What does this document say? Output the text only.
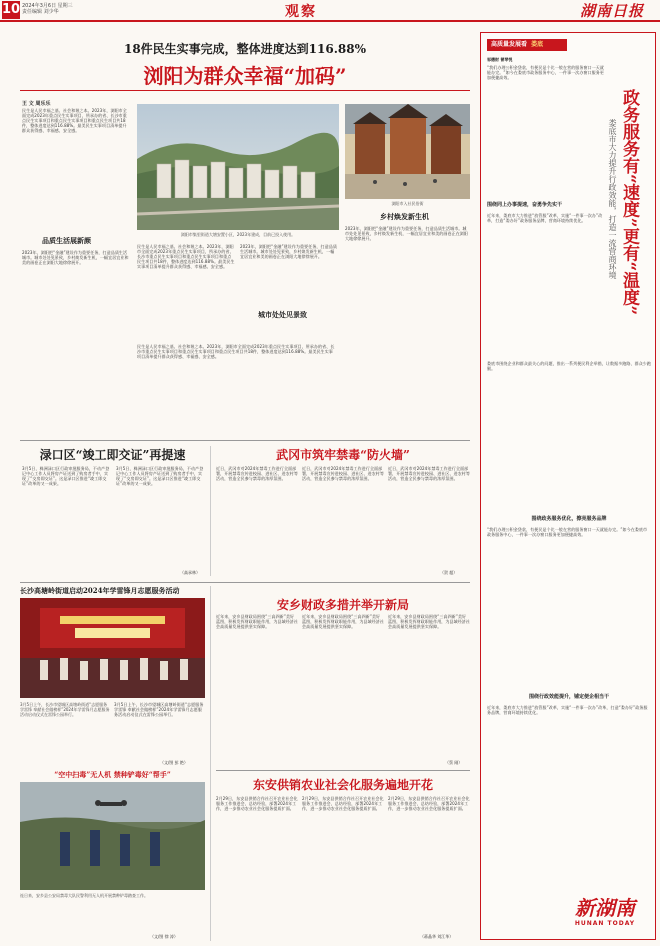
10 2024年3月6日 星期三
责任编辑 刘少华	观察	湖南日报
18件民生实事完成，整体进度达到116.88%
浏阳为群众幸福“加码”
王 文 周乐乐
民生是人民幸福之基、社会和谐之本。2023年，浏阳市全面完成2023年重点民生实事项目，所承办的省、长沙市重点民生实事项目和重点民生实事项目和重点民生项目共18件，整体进度达到116.88%。最美民生实事项目清单提升群众获得感、幸福感、安全感。
品质生活展新颜
2023年，浏阳把“金融”建设作为重要任务，打造品质生活城市。城市处处见景致，乡村焕发新生机，一幅宜居宜业和美的画卷正在浏阳大地徐徐展开。
浏阳市集里街道大塘安置小区，2023年建成，目前已投入使用。
民生是人民幸福之基、社会和谐之本。2023年，浏阳市全面完成2023年重点民生实事项目，所承办的省、长沙市重点民生实事项目和重点民生实事项目和重点民生项目共18件，整体进度达到116.88%。最美民生实事项目清单提升群众获得感、幸福感、安全感。
城市处处见景致
2023年，浏阳把“金融”建设作为重要任务，打造品质生活城市。城市处处见景致，乡村焕发新生机，一幅宜居宜业和美的画卷正在浏阳大地徐徐展开。
民生是人民幸福之基、社会和谐之本。2023年，浏阳市全面完成2023年重点民生实事项目，所承办的省、长沙市重点民生实事项目和重点民生实事项目和重点民生项目共18件，整体进度达到116.88%。最美民生实事项目清单提升群众获得感、幸福感、安全感。
浏阳市入社民俗街
乡村焕发新生机
2023年，浏阳把“金融”建设作为重要任务，打造品质生活城市。城市处处见景致，乡村焕发新生机，一幅宜居宜业和美的画卷正在浏阳大地徐徐展开。
渌口区“竣工即交证”再提速
3月5日，株洲渌口区行政审批服务局，不动产登记中心工作人员将房产证送到了购房者手中，实现了“交房即交证”。这是渌口区推进“竣工即交证”改革的又一成果。
3月5日，株洲渌口区行政审批服务局，不动产登记中心工作人员将房产证送到了购房者手中，实现了“交房即交证”。这是渌口区推进“竣工即交证”改革的又一成果。
（高承林）
武冈市筑牢禁毒“防火墙”
近日，武冈市对2024年禁毒工作进行全面部署，开展禁毒宣传进校园、进社区、进农村等活动，营造全民参与禁毒的浓厚氛围。
近日，武冈市对2024年禁毒工作进行全面部署，开展禁毒宣传进校园、进社区、进农村等活动，营造全民参与禁毒的浓厚氛围。
近日，武冈市对2024年禁毒工作进行全面部署，开展禁毒宣传进校园、进社区、进农村等活动，营造全民参与禁毒的浓厚氛围。
（贺 超）
长沙高塘岭街道启动2024年学雷锋月志愿服务活动
3月5日上午，长沙市望城区高塘岭街道“志愿服务学雷锋 奉献社会做榜样”2024年学雷锋月志愿服务活动启动仪式在雷锋公园举行。
3月5日上午，长沙市望城区高塘岭街道“志愿服务学雷锋 奉献社会做榜样”2024年学雷锋月志愿服务活动启动仪式在雷锋公园举行。
（文/图 彭 艳）
“空中扫毒”无人机 禁种铲毒好“帮手”
连日来，安乡县公安局禁毒大队民警利用无人机开展禁种铲毒踏查工作。
（文/图 徐 涛）
安乡财政多措并举开新局
近年来，安乡县财政局围绕“三高四新”美好蓝图，积极发挥财政职能作用，为县域经济社会高质量发展提供坚实保障。
近年来，安乡县财政局围绕“三高四新”美好蓝图，积极发挥财政职能作用，为县域经济社会高质量发展提供坚实保障。
近年来，安乡县财政局围绕“三高四新”美好蓝图，积极发挥财政职能作用，为县域经济社会高质量发展提供坚实保障。
（蔡 刚）
东安供销农业社会化服务遍地开花
2月29日，东安县供销合作社召开农业社会化服务工作推进会，总结经验，部署2024年工作，进一步推动农业社会化服务提质扩面。
2月29日，东安县供销合作社召开农业社会化服务工作推进会，总结经验，部署2024年工作，进一步推动农业社会化服务提质扩面。
2月29日，东安县供销合作社召开农业社会化服务工作推进会，总结经验，部署2024年工作，进一步推动农业社会化服务提质扩面。
（蒋晶华 刘江华）
高质量发展看 娄底
邹德财 曾琴悦
“我们办理公积金贷款，有便民是个比一般在营的服务窗口一天就能办完。”如今在娄底市政务服务中心，一件事一次办窗口服务更加便捷高效。
政务服务有“速度”更有“温度”
娄底市大力提升行政效能，打造一流营商环境
围绕同上办事提速，奋勇争先实干
近年来，娄底市大力推进“放管服”改革，实施“一件事一次办”改革，打造“娄办好”政务服务品牌，营商环境持续优化。
娄底市围绕企业和群众最关心的问题，推出一系列便民利企举措，让数据多跑路、群众少跑腿。
围绕政务服务优化，擦亮服务品牌
“我们办理公积金贷款，有便民是个比一般在营的服务窗口一天就能办完。”如今在娄底市政务服务中心，一件事一次办窗口服务更加便捷高效。
围绕行政效能提升，铺定便企相当干
近年来，娄底市大力推进“放管服”改革，实施“一件事一次办”改革，打造“娄办好”政务服务品牌，营商环境持续优化。
新湖南
HUNAN TODAY
